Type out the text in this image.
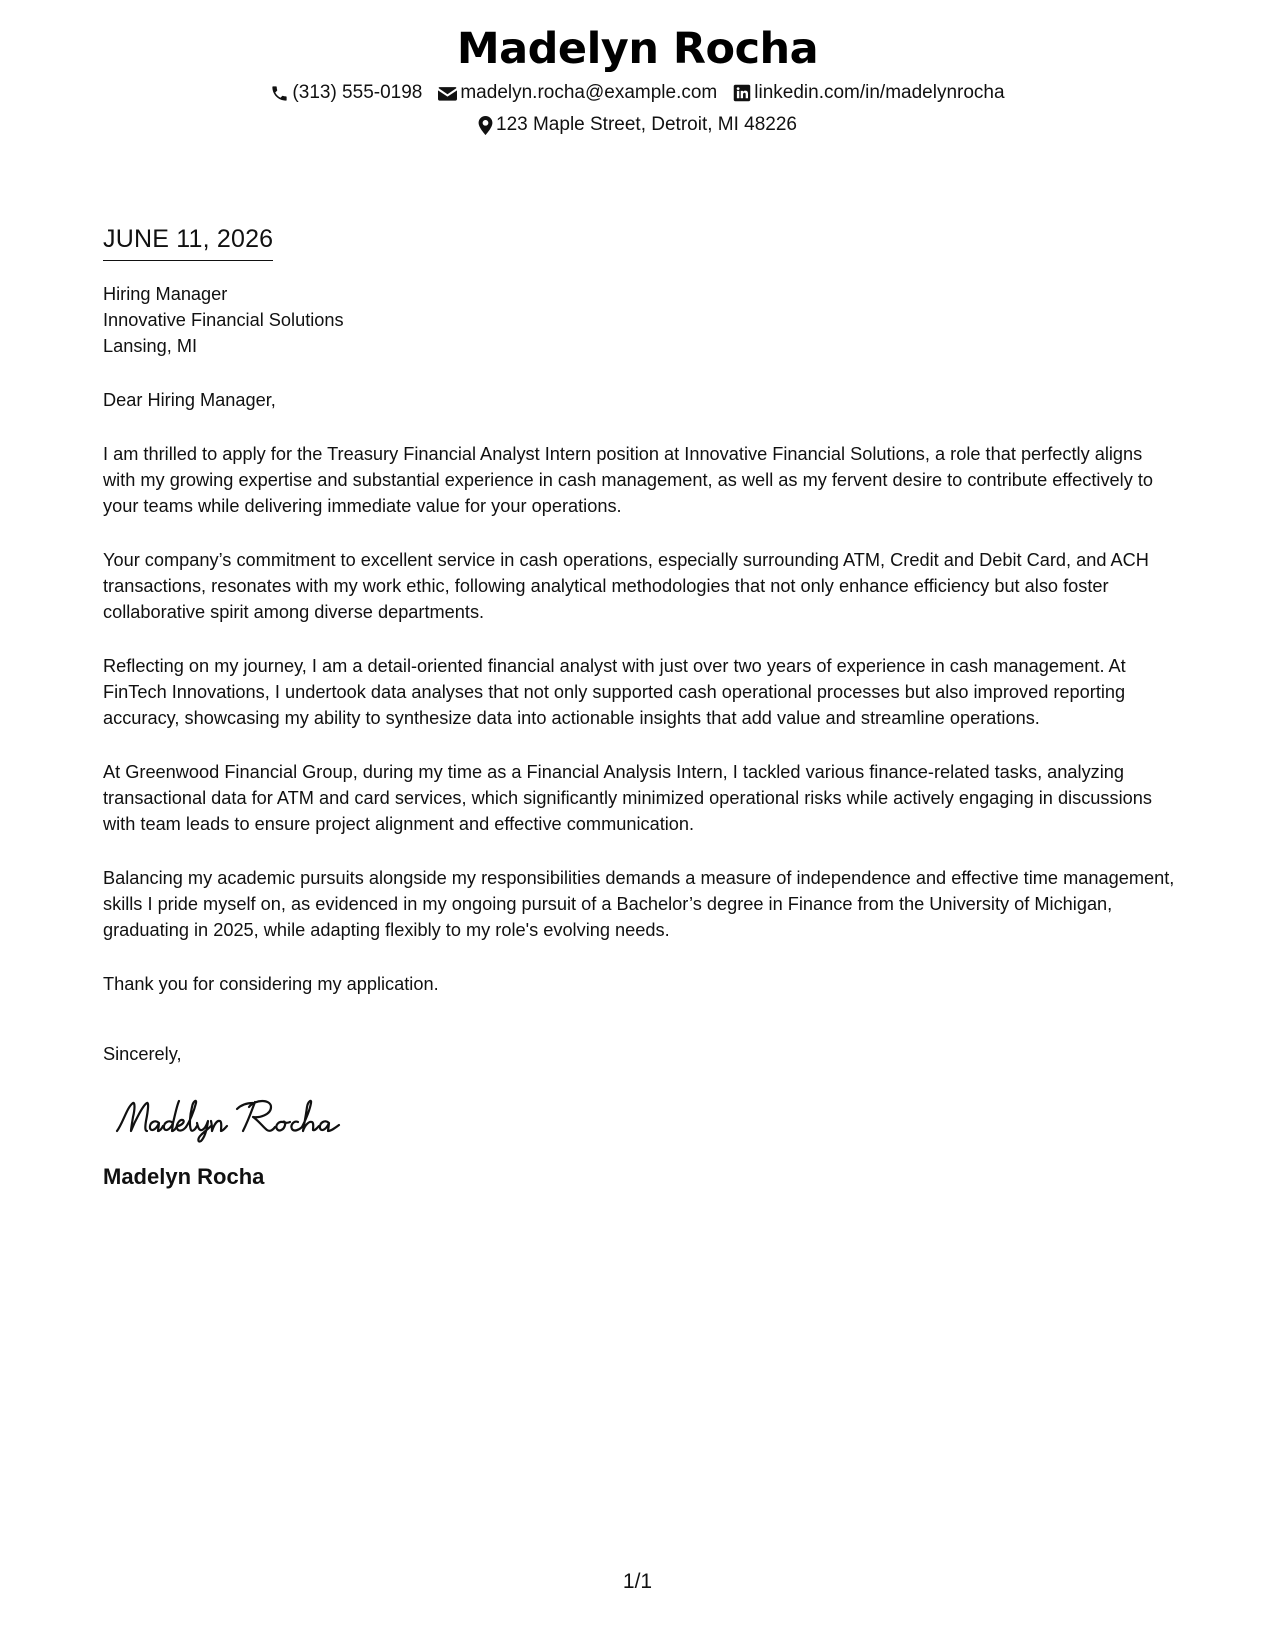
Madelyn Rocha
(313) 555-0198 madelyn.rocha@example.com linkedin.com/in/madelynrocha
123 Maple Street, Detroit, MI 48226
JUNE 11, 2026
Hiring Manager
Innovative Financial Solutions
Lansing, MI
Dear Hiring Manager,
I am thrilled to apply for the Treasury Financial Analyst Intern position at Innovative Financial Solutions, a role that perfectly aligns with my growing expertise and substantial experience in cash management, as well as my fervent desire to contribute effectively to your teams while delivering immediate value for your operations.
Your company’s commitment to excellent service in cash operations, especially surrounding ATM, Credit and Debit Card, and ACH transactions, resonates with my work ethic, following analytical methodologies that not only enhance efficiency but also foster collaborative spirit among diverse departments.
Reflecting on my journey, I am a detail-oriented financial analyst with just over two years of experience in cash management. At FinTech Innovations, I undertook data analyses that not only supported cash operational processes but also improved reporting accuracy, showcasing my ability to synthesize data into actionable insights that add value and streamline operations.
At Greenwood Financial Group, during my time as a Financial Analysis Intern, I tackled various finance-related tasks, analyzing transactional data for ATM and card services, which significantly minimized operational risks while actively engaging in discussions with team leads to ensure project alignment and effective communication.
Balancing my academic pursuits alongside my responsibilities demands a measure of independence and effective time management, skills I pride myself on, as evidenced in my ongoing pursuit of a Bachelor’s degree in Finance from the University of Michigan, graduating in 2025, while adapting flexibly to my role's evolving needs.
Thank you for considering my application.
Sincerely,
Madelyn Rocha
1/1
